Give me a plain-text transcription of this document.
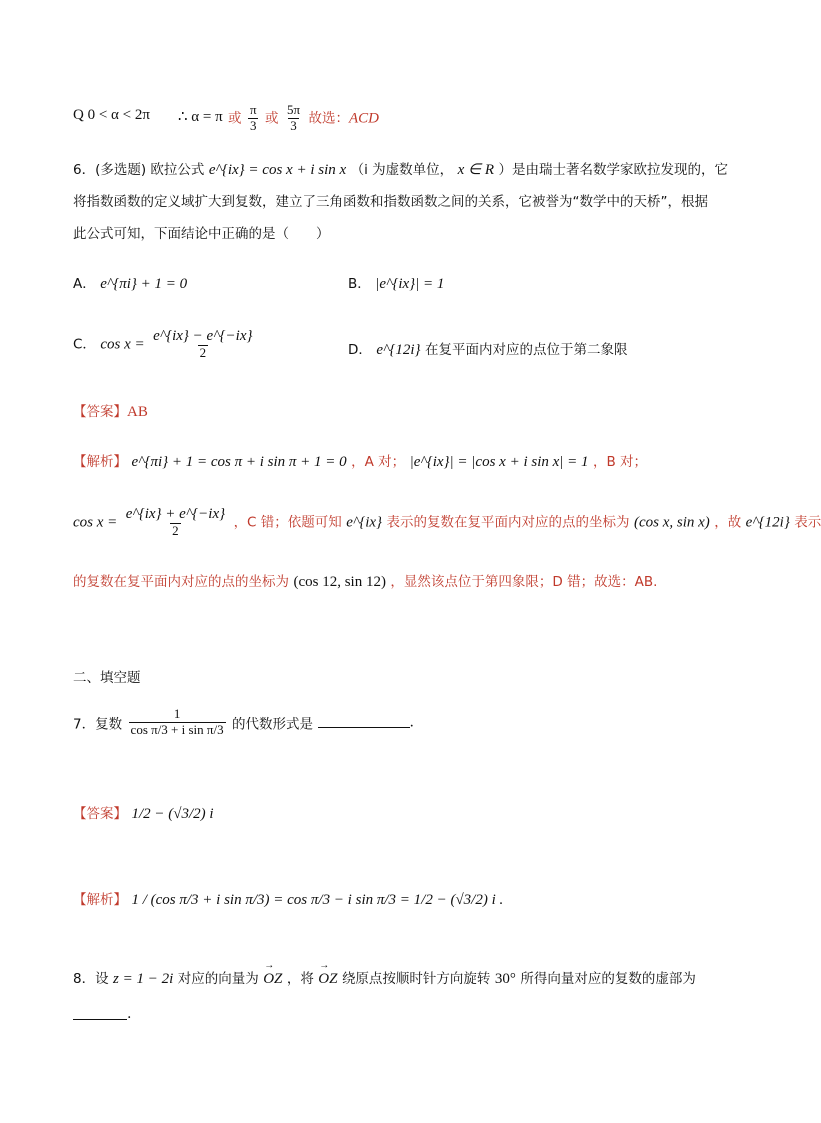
Q 0 < α < 2π ∴ α = π 或 $\frac{\pi}{3}$ 或 $\frac{5\pi}{3}$ 故选：ACD
6．(多选题) 欧拉公式 e^{ix} = cos x + i sin x （i 为虚数单位， x ∈ R ）是由瑞士著名数学家欧拉发现的，它
将指数函数的定义域扩大到复数，建立了三角函数和指数函数之间的关系，它被誉为“数学中的天桥”，根据
此公式可知，下面结论中正确的是（　　）
A． e^{πi} + 1 = 0	B． |e^{ix}| = 1
C． $\cos x = \frac{e\^{}\{ix\} - e\^{}\{-ix\}}{2}$	D． e^{12i} 在复平面内对应的点位于第二象限
【答案】AB
【解析】 e^{πi} + 1 = cos π + i sin π + 1 = 0 ，A 对； |e^{ix}| = |cos x + i sin x| = 1 ，B 对；
$\cos x = \frac{e\^{}\{ix\} + e\^{}\{-ix\}}{2}$ ，C 错；依题可知 e^{ix} 表示的复数在复平面内对应的点的坐标为 (cos x, sin x) ，故 e^{12i} 表示
的复数在复平面内对应的点的坐标为 (cos 12, sin 12) ，显然该点位于第四象限；D 错；故选：AB.
二、填空题
7．复数 $\frac{1}{\text{cos π/3 + i sin π/3}}$ 的代数形式是	.
【答案】 1/2 − (√3/2) i
【解析】 1 / (cos π/3 + i sin π/3) = cos π/3 − i sin π/3 = 1/2 − (√3/2) i .
8．设 z = 1 − 2i 对应的向量为 → OZ ，将 → OZ 绕原点按顺时针方向旋转 30° 所得向量对应的复数的虚部为
.
